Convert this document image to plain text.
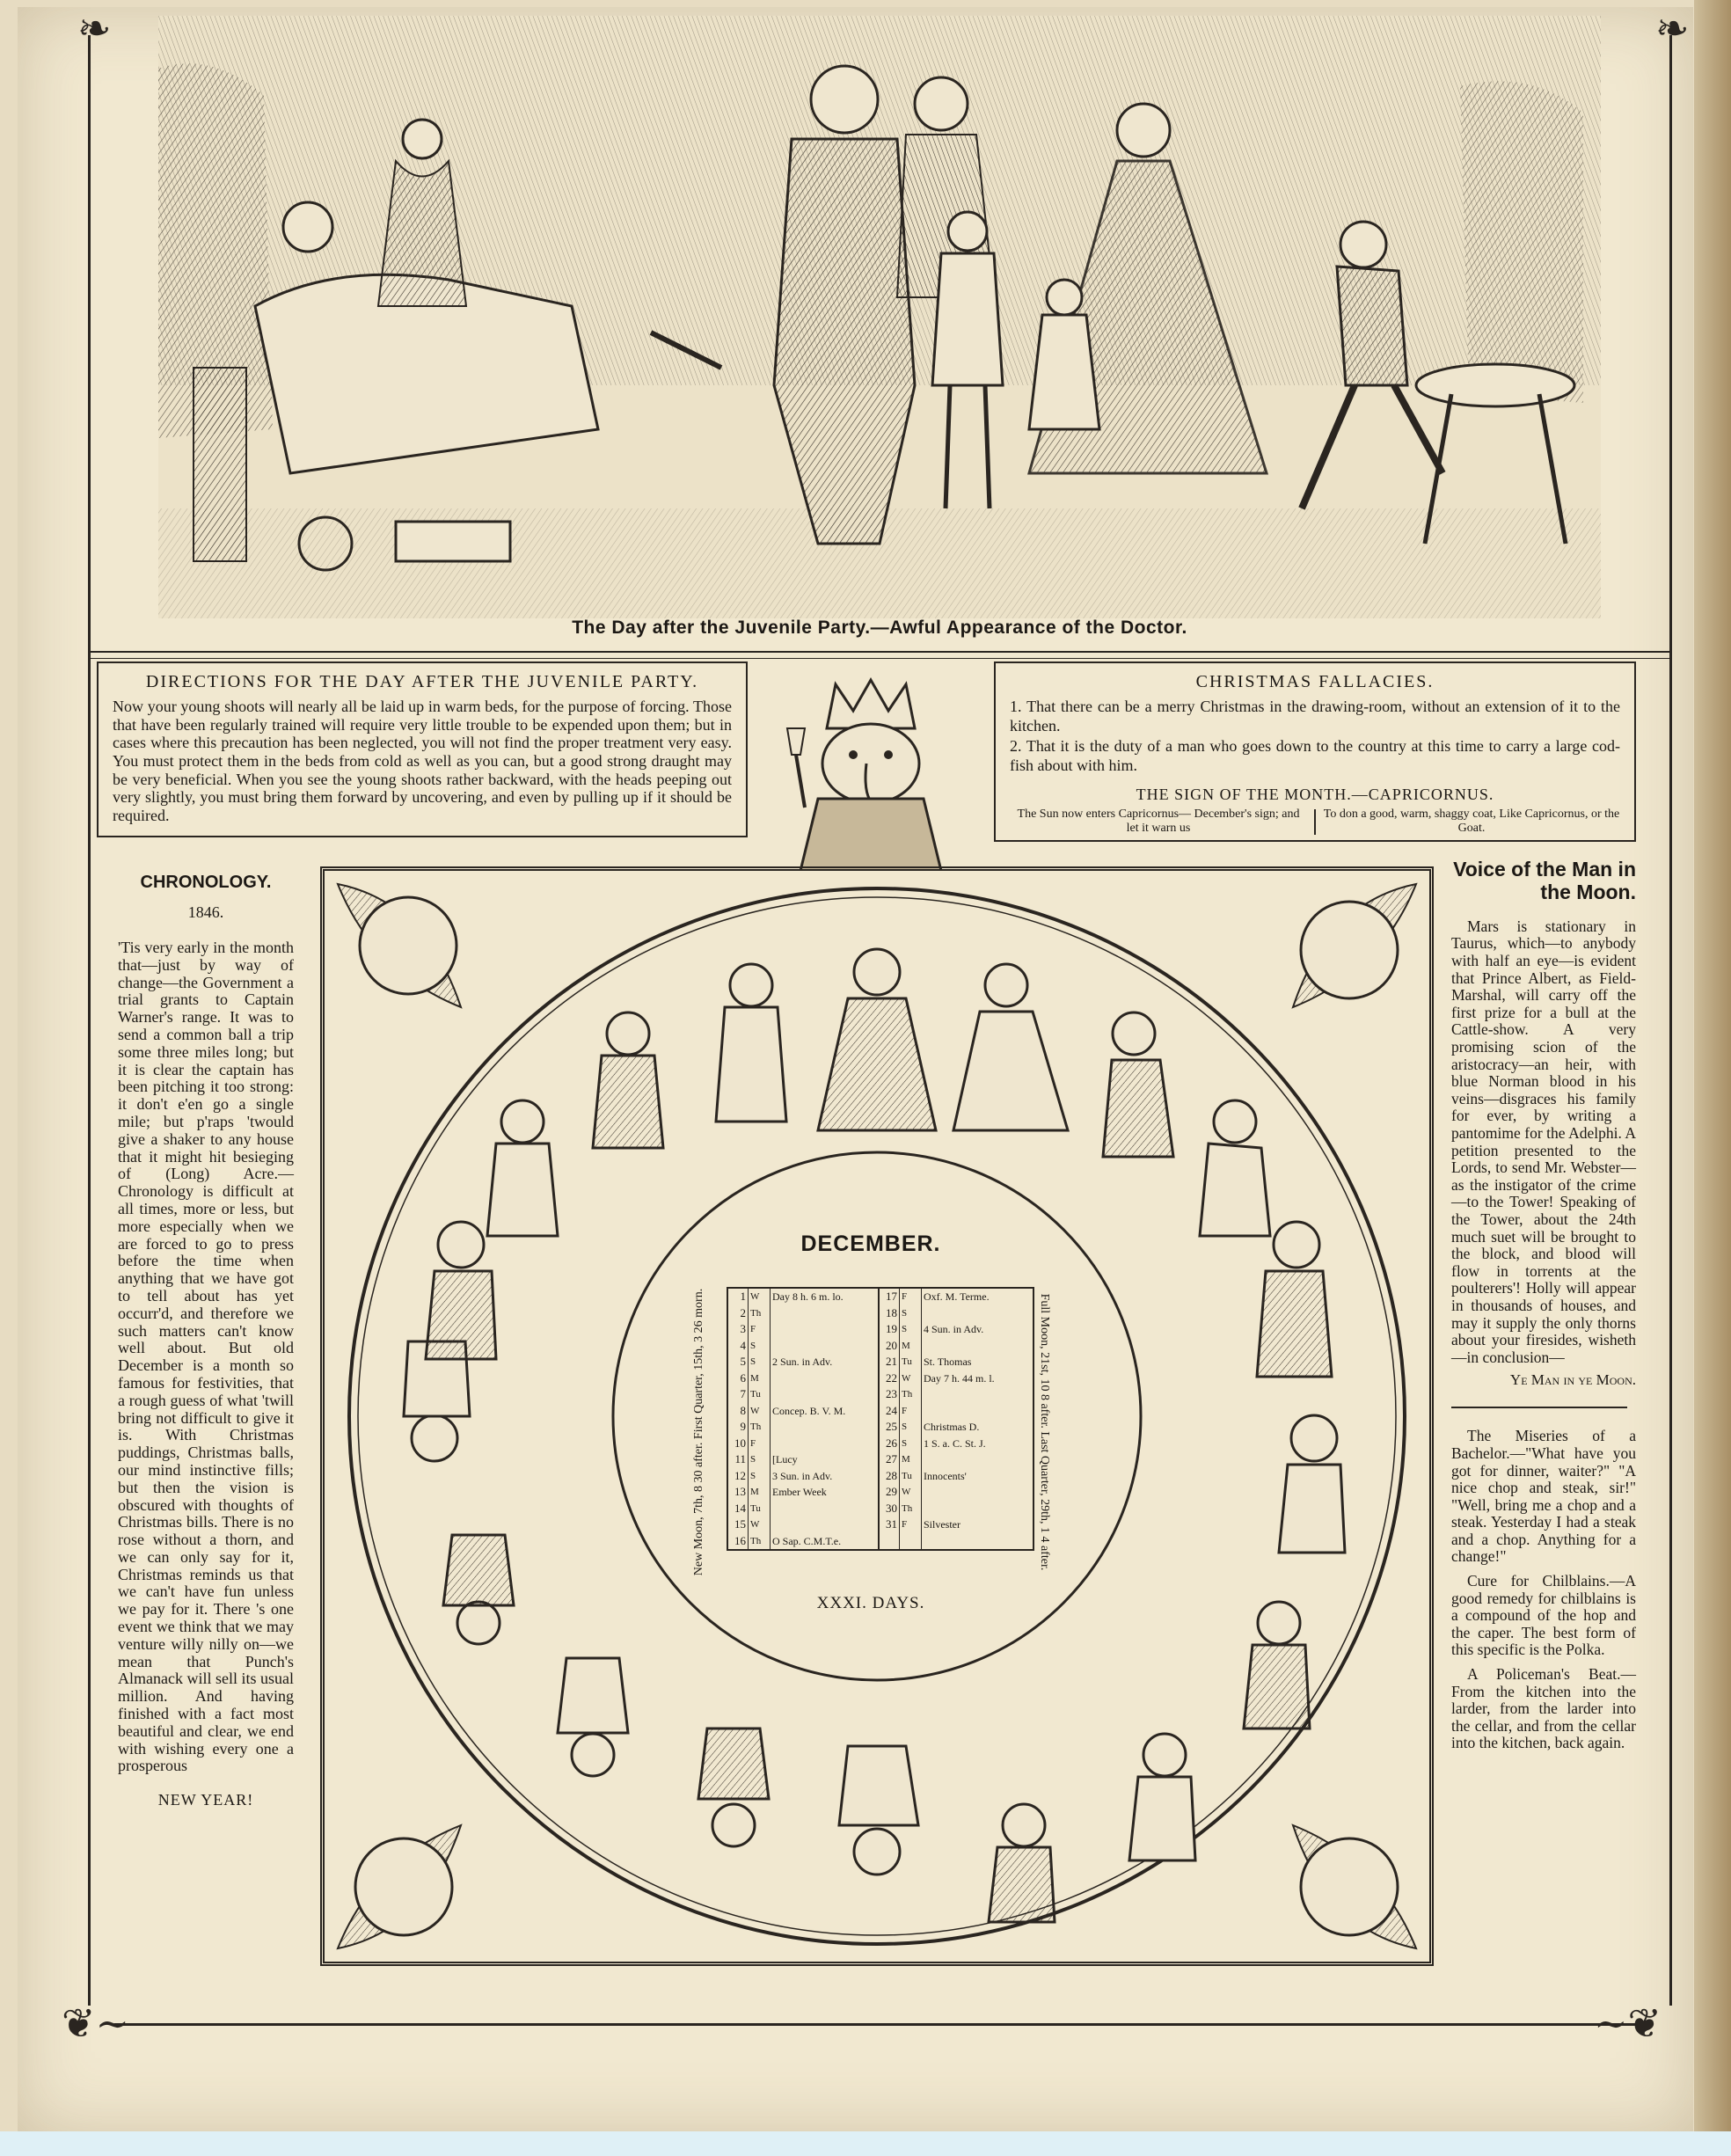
❧	❧
❦∼	∼❦
The Day after the Juvenile Party.—Awful Appearance of the Doctor.
DIRECTIONS FOR THE DAY AFTER THE JUVENILE PARTY.

Now your young shoots will nearly all be laid up in warm beds, for the purpose of forcing. Those that have been regularly trained will require very little trouble to be expended upon them; but in cases where this precaution has been neglected, you will not find the proper treatment very easy. You must protect them in the beds from cold as well as you can, but a good strong draught may be very beneficial. When you see the young shoots rather backward, with the heads peeping out very slightly, you must bring them forward by uncovering, and even by pulling up if it should be required.

CHRISTMAS FALLACIES.
1. That there can be a merry Christmas in the drawing-room, without an extension of it to the kitchen.
2. That it is the duty of a man who goes down to the country at this time to carry a large cod-fish about with him.
THE SIGN OF THE MONTH.—CAPRICORNUS.
The Sun now enters Capricornus— December's sign; and let it warn us
To don a good, warm, shaggy coat, Like Capricornus, or the Goat.
CHRONOLOGY.
1846.

'Tis very early in the month that—just by way of change—the Government a trial grants to Captain Warner's range. It was to send a common ball a trip some three miles long; but it is clear the captain has been pitching it too strong: it don't e'en go a single mile; but p'raps 'twould give a shaker to any house that it might hit besieging of (Long) Acre.—Chronology is difficult at all times, more or less, but more especially when we are forced to go to press before the time when anything that we have got to tell about has yet occurr'd, and therefore we such matters can't know well about. But old December is a month so famous for festivities, that a rough guess of what 'twill bring not difficult to give it is. With Christmas puddings, Christmas balls, our mind instinctive fills; but then the vision is obscured with thoughts of Christmas bills. There is no rose without a thorn, and we can only say for it, Christmas reminds us that we can't have fun unless we pay for it. There 's one event we think that we may venture willy nilly on—we mean that Punch's Almanack will sell its usual million. And having finished with a fact most beautiful and clear, we end with wishing every one a prosperous

NEW YEAR!
Voice of the Man in the Moon.

Mars is stationary in Taurus, which—to anybody with half an eye—is evident that Prince Albert, as Field-Marshal, will carry off the first prize for a bull at the Cattle-show. A very promising scion of the aristocracy—an heir, with blue Norman blood in his veins—disgraces his family for ever, by writing a pantomime for the Adelphi. A petition presented to the Lords, to send Mr. Webster—as the instigator of the crime—to the Tower! Speaking of the Tower, about the 24th much suet will be brought to the block, and blood will flow in torrents at the poulterers'! Holly will appear in thousands of houses, and may it supply the only thorns about your firesides, wisheth—in conclusion—

Ye Man in ye Moon.

The Miseries of a Bachelor.—"What have you got for dinner, waiter?" "A nice chop and steak, sir!" "Well, bring me a chop and a steak. Yesterday I had a steak and a chop. Anything for a change!"

Cure for Chilblains.—A good remedy for chilblains is a compound of the hop and the caper. The best form of this specific is the Polka.

A Policeman's Beat.—From the kitchen into the larder, from the larder into the cellar, and from the cellar into the kitchen, back again.

DECEMBER.
New Moon, 7th, 8 30 after. First Quarter, 15th, 3 26 morn.	Full Moon, 21st, 10 8 after. Last Quarter, 29th, 1 4 after.
1	W	Day 8 h. 6 m. lo.	17	F	Oxf. M. Terme.
2	Th		18	S	
3	F		19	S	4 Sun. in Adv.
4	S		20	M	
5	S	2 Sun. in Adv.	21	Tu	St. Thomas
6	M		22	W	Day 7 h. 44 m. l.
7	Tu		23	Th	
8	W	Concep. B. V. M.	24	F	
9	Th		25	S	Christmas D.
10	F		26	S	1 S. a. C. St. J.
11	S	[Lucy	27	M	
12	S	3 Sun. in Adv.	28	Tu	Innocents'
13	M	Ember Week	29	W	
14	Tu		30	Th	
15	W		31	F	Silvester
16	Th	O Sap. C.M.T.e.			
XXXI. DAYS.
